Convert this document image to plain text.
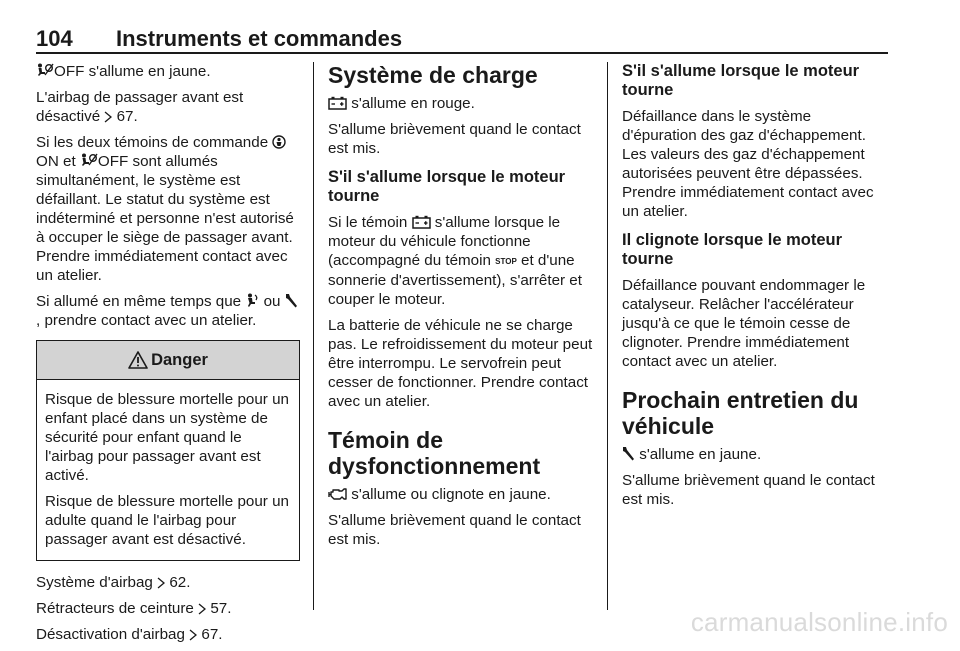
104 Instruments et commandes

OFF s'allume en jaune.

L'airbag de passager avant est désactivé  67.

Si les deux témoins de commande ON et OFF sont allumés simultanément, le système est défaillant. Le statut du système est indéterminé et personne n'est autorisé à occuper le siège de passager avant. Prendre immédiatement contact avec un atelier.

Si allumé en même temps que  ou , prendre contact avec un atelier.

Danger

Risque de blessure mortelle pour un enfant placé dans un système de sécurité pour enfant quand le l'airbag pour passager avant est activé.

Risque de blessure mortelle pour un adulte quand le l'airbag pour passager avant est désactivé.

Système d'airbag  62.

Rétracteurs de ceinture  57.

Désactivation d'airbag  67.

Système de charge

s'allume en rouge.

S'allume brièvement quand le contact est mis.

S'il s'allume lorsque le moteur tourne

Si le témoin  s'allume lorsque le moteur du véhicule fonctionne (accompagné du témoin STOP et d'une sonnerie d'avertissement), s'arrêter et couper le moteur.

La batterie de véhicule ne se charge pas. Le refroidissement du moteur peut être interrompu. Le servofrein peut cesser de fonctionner. Prendre contact avec un atelier.

Témoin de dysfonctionnement

s'allume ou clignote en jaune.

S'allume brièvement quand le contact est mis.

S'il s'allume lorsque le moteur tourne

Défaillance dans le système d'épuration des gaz d'échappement. Les valeurs des gaz d'échappement autorisées peuvent être dépassées. Prendre immédiatement contact avec un atelier.

Il clignote lorsque le moteur tourne

Défaillance pouvant endommager le catalyseur. Relâcher l'accélérateur jusqu'à ce que le témoin cesse de clignoter. Prendre immédiatement contact avec un atelier.

Prochain entretien du véhicule

s'allume en jaune.

S'allume brièvement quand le contact est mis.

carmanualsonline.info
